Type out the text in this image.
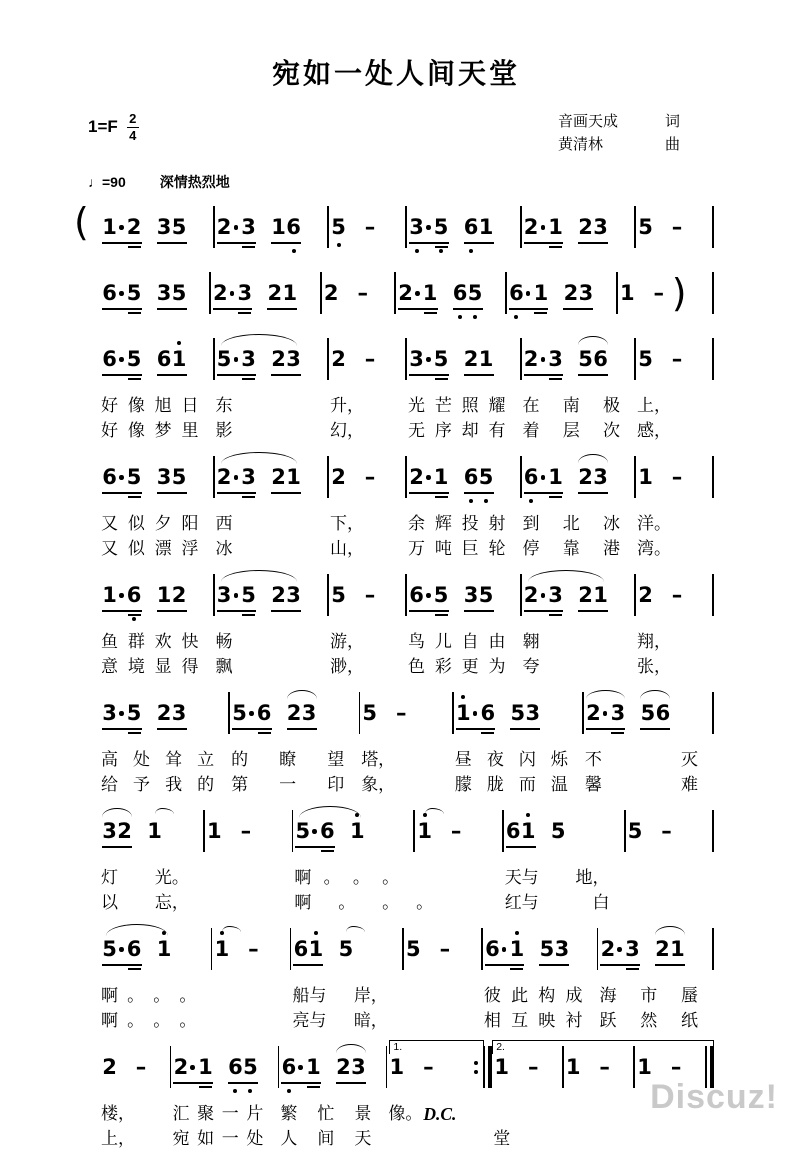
宛如一处人间天堂
$1=F \frac{2}{4}$	音画天成	词
黄清林	曲
♩=90 深情热烈地
( 1 2 3 5 2 3 1 6 5 – 3 5 6 1 2 1 2 3 5 –
6 5 3 5 2 3 2 1 2 – 2 1 6 5 6 1 2 3 1 – )
6 5 6 1
好 像 旭 日
好 像 梦 里
5 3 2 3
东
影
2 –
升，
幻，
3 5 2 1
光 芒 照 耀
无 序 却 有
2 3 5 6
在 南 极
着 层 次
5 –
上，
感，
6 5 3 5
又 似 夕 阳
又 似 漂 浮
2 3 2 1
西
冰
2 –
下，
山，
2 1 6 5
余 辉 投 射
万 吨 巨 轮
6 1 2 3
到 北 冰
停 靠 港
1 –
洋。
湾。
1 6 1 2
鱼 群 欢 快
意 境 显 得
3 5 2 3
畅
飘
5 –
游，
渺，
6 5 3 5
鸟 儿 自 由
色 彩 更 为
2 3 2 1
翱
夸
2 –
翔，
张，
3 5 2 3
高 处 耸 立
给 予 我 的
5 6 2 3
的 瞭 望
第 一 印
5 –
塔，
象，
1 6 5 3
昼 夜 闪 烁
朦 胧 而 温
2 3 5 6
不	灭
馨	难
3 2 1
灯 光。
以 忘，
1 – 5 6 1
啊 。 。 。
啊 。 。
1 –
。
6 1 5
天与 地，
红与	白
5 –
5 6 1
啊 。 。 。
啊 。 。 。
1 – 6 1 5
船与 岸，
亮与 暗，
5 – 6 1 5 3
彼 此 构 成
相 互 映 衬
2 3 2 1
海 市 蜃
跃 然 纸
2 –
楼，
上，
2 1 6 5
汇 聚 一 片
宛 如 一 处
6 1 2 3
繁 忙 景
人 间 天
1.
1 –
像。 D.C.
2.
1 –
堂
1 – 1 –
Discuz!
